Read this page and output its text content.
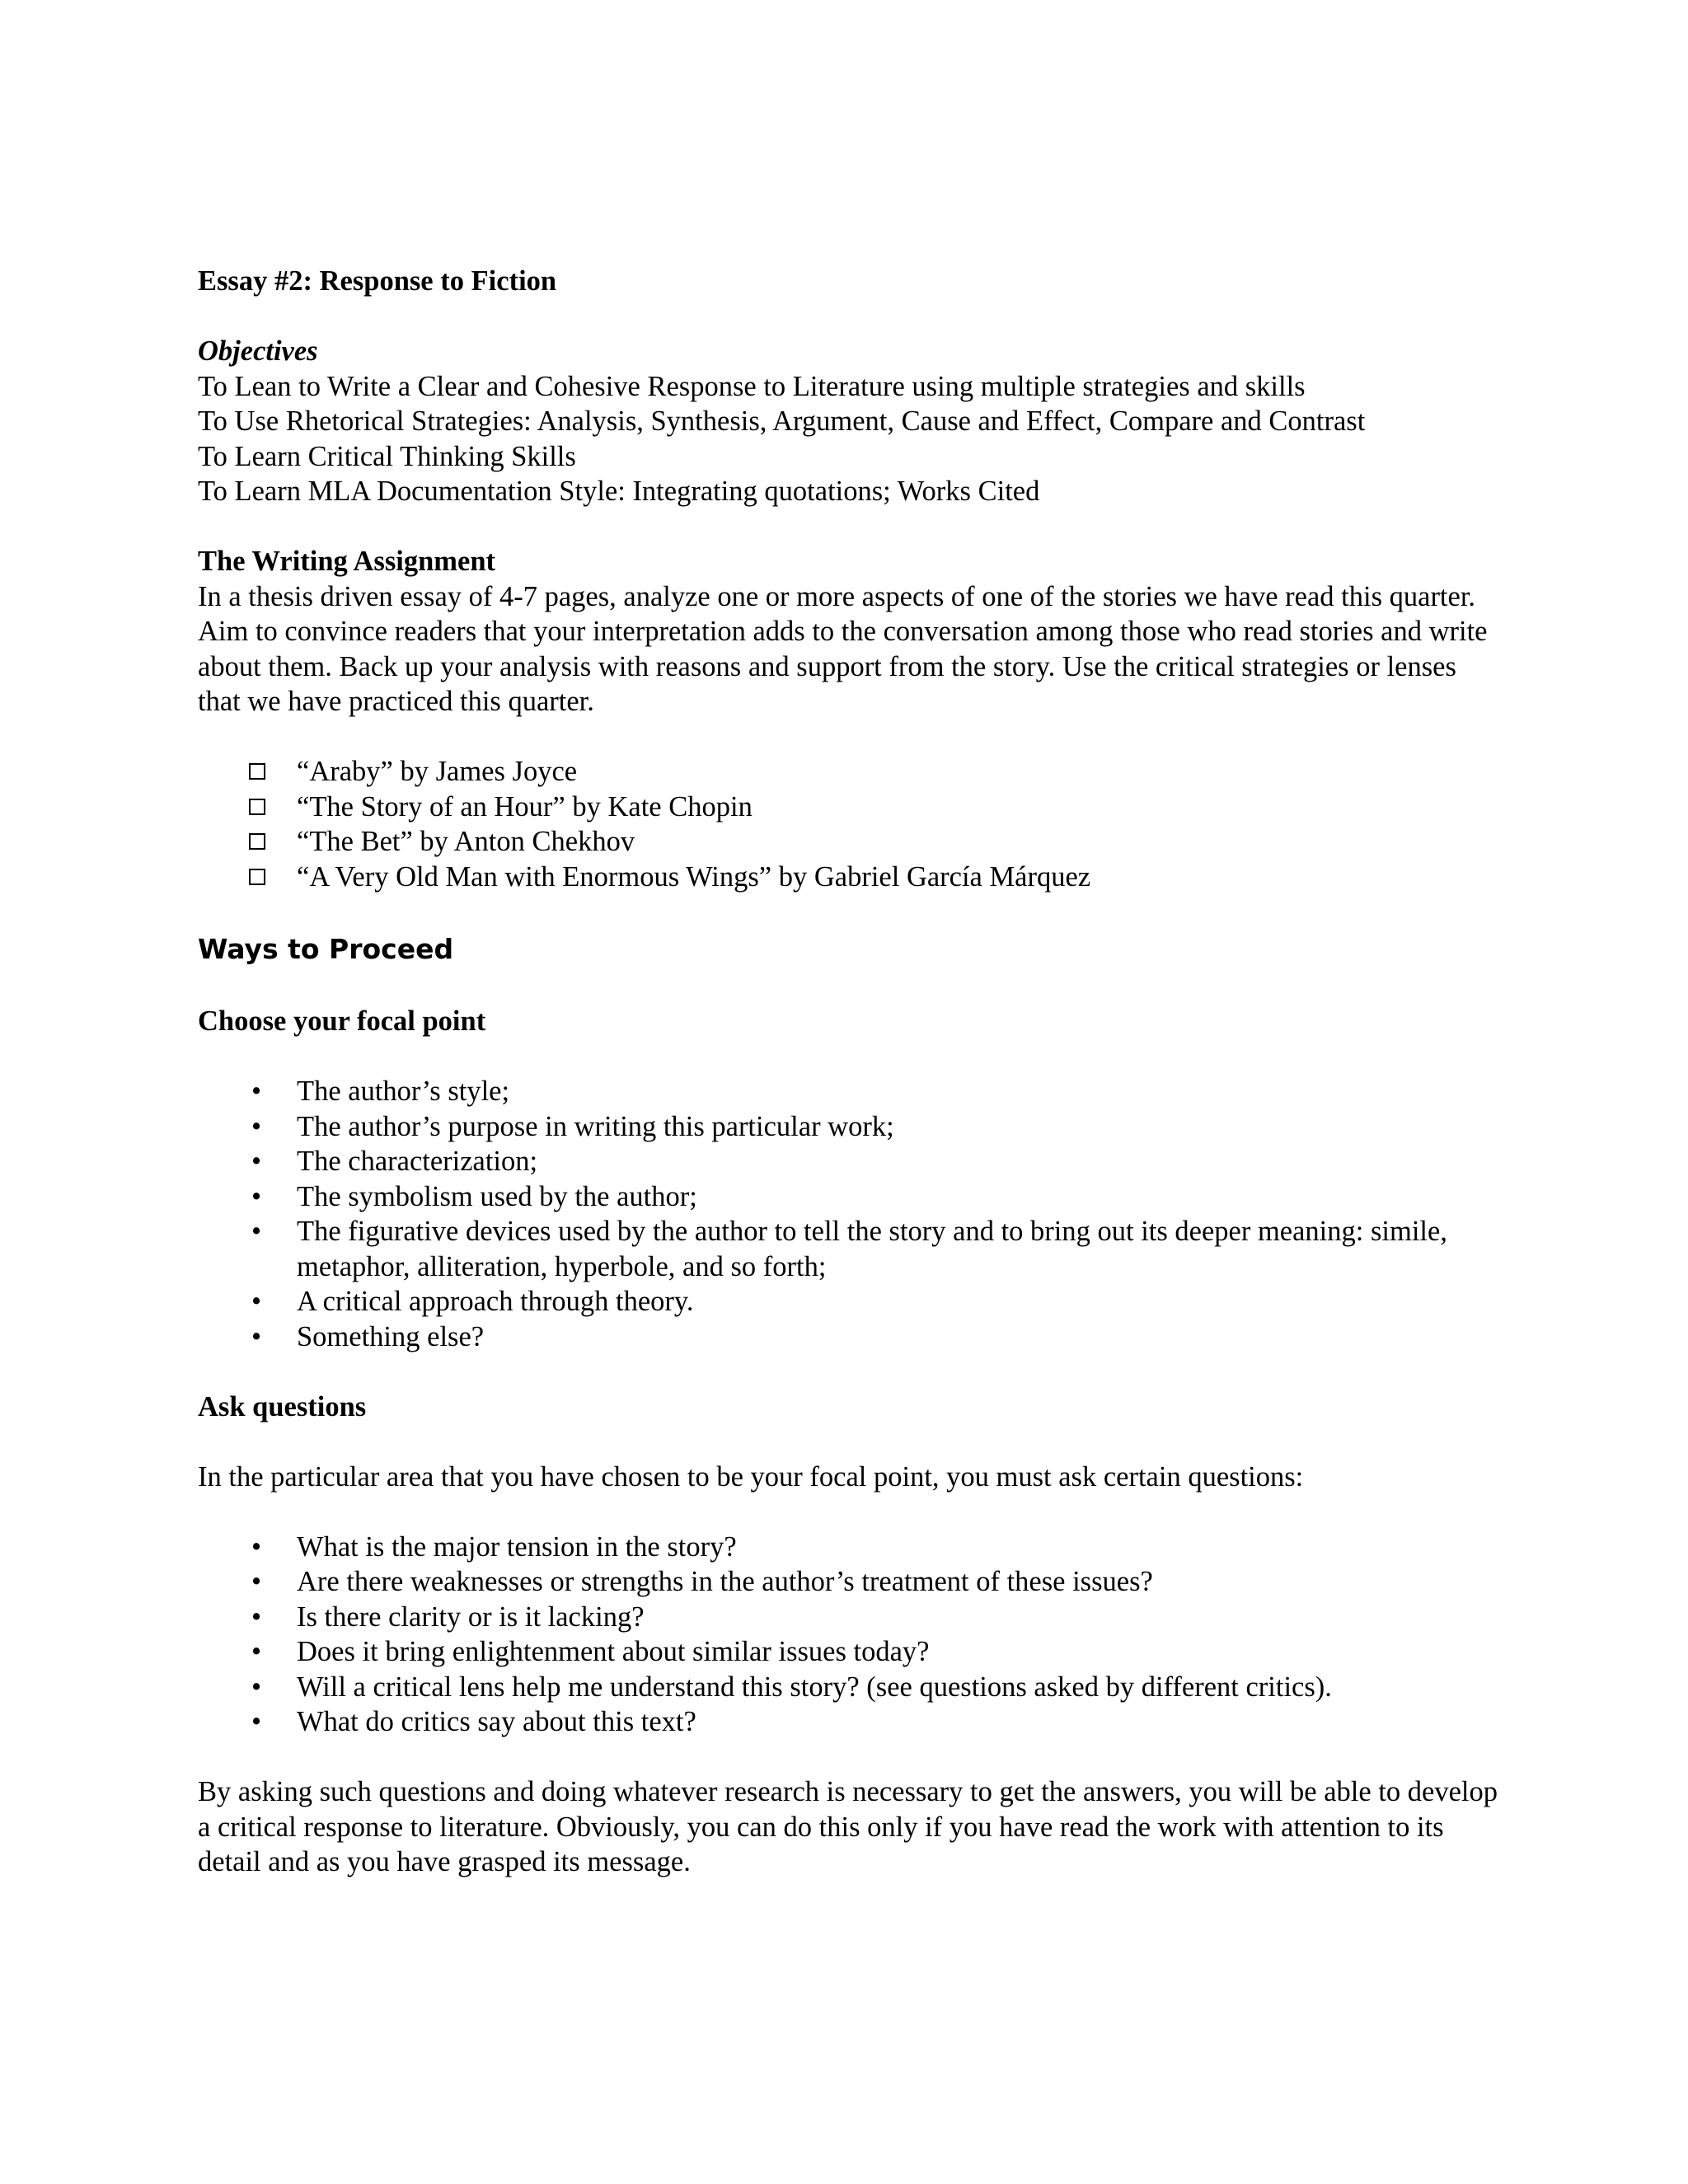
Essay #2: Response to Fiction

Objectives

To Lean to Write a Clear and Cohesive Response to Literature using multiple strategies and skills

To Use Rhetorical Strategies: Analysis, Synthesis, Argument, Cause and Effect, Compare and Contrast

To Learn Critical Thinking Skills

To Learn MLA Documentation Style: Integrating quotations; Works Cited

The Writing Assignment

In a thesis driven essay of 4-7 pages, analyze one or more aspects of one of the stories we have read this quarter. Aim to convince readers that your interpretation adds to the conversation among those who read stories and write about them. Back up your analysis with reasons and support from the story. Use the critical strategies or lenses that we have practiced this quarter.

“Araby” by James Joyce
“The Story of an Hour” by Kate Chopin
“The Bet” by Anton Chekhov
“A Very Old Man with Enormous Wings” by Gabriel García Márquez

Ways to Proceed

Choose your focal point

• The author’s style;
• The author’s purpose in writing this particular work;
• The characterization;
• The symbolism used by the author;
• The figurative devices used by the author to tell the story and to bring out its deeper meaning: simile, metaphor, alliteration, hyperbole, and so forth;
• A critical approach through theory.
• Something else?

Ask questions

In the particular area that you have chosen to be your focal point, you must ask certain questions:

• What is the major tension in the story?
• Are there weaknesses or strengths in the author’s treatment of these issues?
• Is there clarity or is it lacking?
• Does it bring enlightenment about similar issues today?
• Will a critical lens help me understand this story? (see questions asked by different critics).
• What do critics say about this text?

By asking such questions and doing whatever research is necessary to get the answers, you will be able to develop a critical response to literature. Obviously, you can do this only if you have read the work with attention to its detail and as you have grasped its message.
